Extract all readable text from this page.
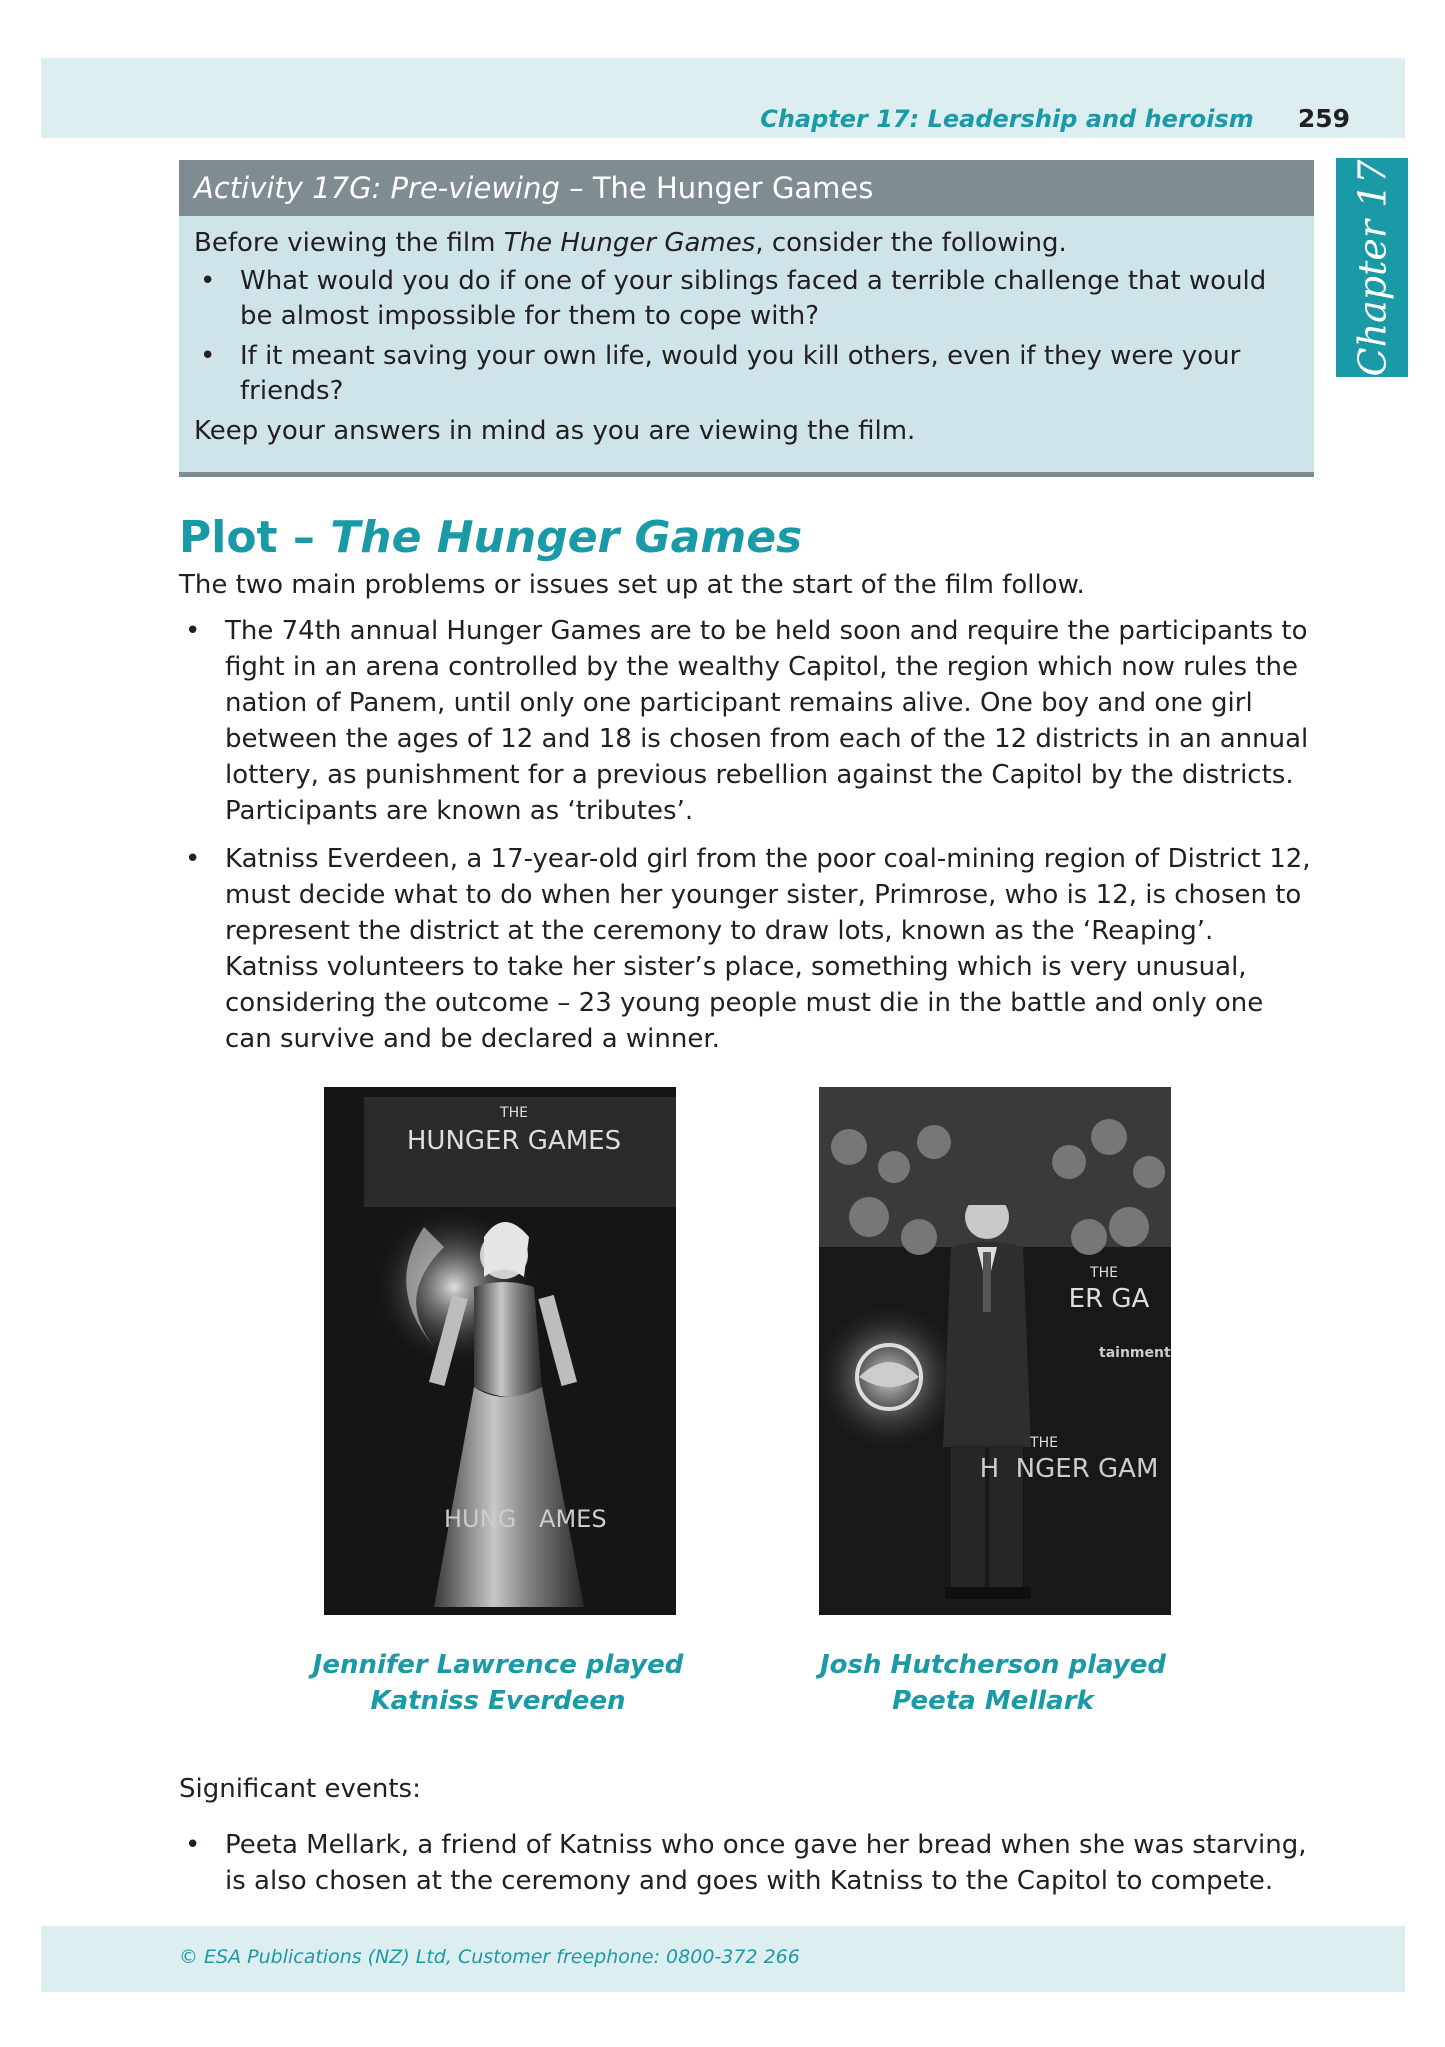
Chapter 17: Leadership and heroism 259
Chapter 17
Activity 17G: Pre-viewing – The Hunger Games

Before viewing the film The Hunger Games, consider the following.

• What would you do if one of your siblings faced a terrible challenge that would be almost impossible for them to cope with?
• If it meant saving your own life, would you kill others, even if they were your friends?

Keep your answers in mind as you are viewing the film.

Plot – The Hunger Games

The two main problems or issues set up at the start of the film follow.

• The 74th annual Hunger Games are to be held soon and require the participants to fight in an arena controlled by the wealthy Capitol, the region which now rules the nation of Panem, until only one participant remains alive. One boy and one girl between the ages of 12 and 18 is chosen from each of the 12 districts in an annual lottery, as punishment for a previous rebellion against the Capitol by the districts. Participants are known as ‘tributes’.
• Katniss Everdeen, a 17-year-old girl from the poor coal-mining region of District 12, must decide what to do when her younger sister, Primrose, who is 12, is chosen to represent the district at the ceremony to draw lots, known as the ‘Reaping’. Katniss volunteers to take her sister’s place, something which is very unusual, considering the outcome – 23 young people must die in the battle and only one can survive and be declared a winner.
THE
HUNGER GAMES
HUNG   AMES
THE
ER GA
tainment
THE
H  NGER GAM
Jennifer Lawrence played
Katniss Everdeen
Josh Hutcherson played
Peeta Mellark

Significant events:

• Peeta Mellark, a friend of Katniss who once gave her bread when she was starving, is also chosen at the ceremony and goes with Katniss to the Capitol to compete.
© ESA Publications (NZ) Ltd, Customer freephone: 0800-372 266
